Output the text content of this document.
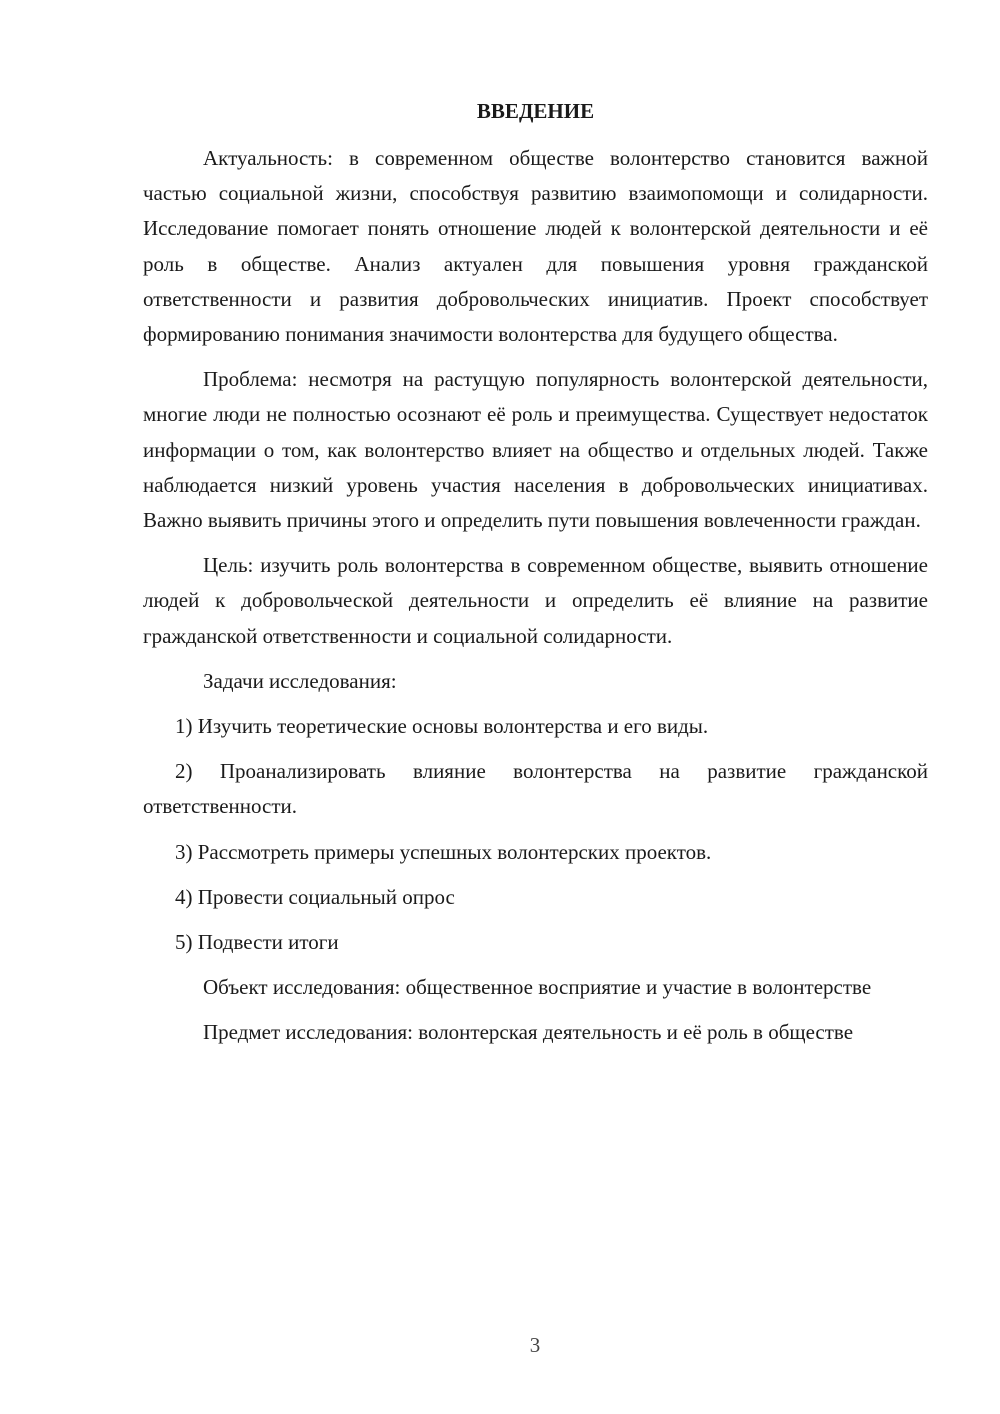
ВВЕДЕНИЕ

Актуальность: в современном обществе волонтерство становится важной частью социальной жизни, способствуя развитию взаимопомощи и солидарности. Исследование помогает понять отношение людей к волонтерской деятельности и её роль в обществе. Анализ актуален для повышения уровня гражданской ответственности и развития добровольческих инициатив. Проект способствует формированию понимания значимости волонтерства для будущего общества.

Проблема: несмотря на растущую популярность волонтерской деятельности, многие люди не полностью осознают её роль и преимущества. Существует недостаток информации о том, как волонтерство влияет на общество и отдельных людей. Также наблюдается низкий уровень участия населения в добровольческих инициативах. Важно выявить причины этого и определить пути повышения вовлеченности граждан.

Цель: изучить роль волонтерства в современном обществе, выявить отношение людей к добровольческой деятельности и определить её влияние на развитие гражданской ответственности и социальной солидарности.

Задачи исследования:

1) Изучить теоретические основы волонтерства и его виды.

2) Проанализировать влияние волонтерства на развитие гражданской ответственности.

3) Рассмотреть примеры успешных волонтерских проектов.

4) Провести социальный опрос

5) Подвести итоги

Объект исследования: общественное восприятие и участие в волонтерстве

Предмет исследования: волонтерская деятельность и её роль в обществе

3
